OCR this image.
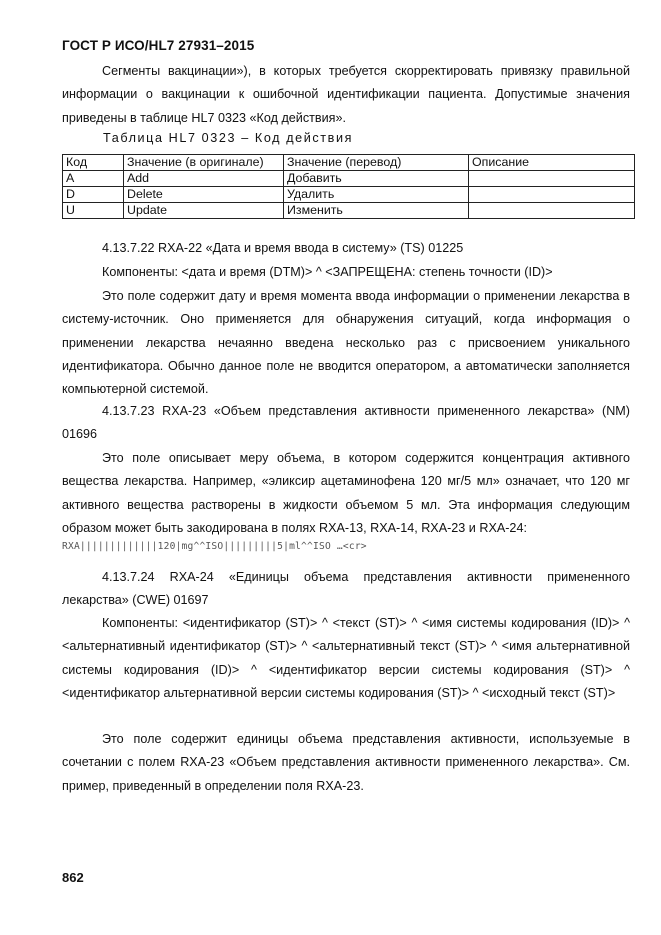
ГОСТ Р ИСО/HL7 27931–2015
Сегменты вакцинации»), в которых требуется скорректировать привязку правильной информации о вакцинации к ошибочной идентификации пациента. Допустимые значения приведены в таблице HL7 0323 «Код действия».
Таблица HL7 0323 – Код действия
Код	Значение (в оригинале)	Значение (перевод)	Описание
A	Add	Добавить	
D	Delete	Удалить	
U	Update	Изменить	
4.13.7.22 RXA-22 «Дата и время ввода в систему» (TS) 01225
Компоненты: <дата и время (DTM)> ^ <ЗАПРЕЩЕНА: степень точности (ID)>
Это поле содержит дату и время момента ввода информации о применении лекарства в систему-источник. Оно применяется для обнаружения ситуаций, когда информация о применении лекарства нечаянно введена несколько раз с присвоением уникального идентификатора. Обычно данное поле не вводится оператором, а автоматически заполняется компьютерной системой.
4.13.7.23 RXA-23 «Объем представления активности примененного лекарства» (NM) 01696
Это поле описывает меру объема, в котором содержится концентрация активного вещества лекарства. Например, «эликсир ацетаминофена 120 мг/5 мл» означает, что 120 мг активного вещества растворены в жидкости объемом 5 мл. Эта информация следующим образом может быть закодирована в полях RXA-13, RXA-14, RXA-23 и RXA-24:
RXA|||||||||||||120|mg^^ISO|||||||||5|ml^^ISO …<cr>
4.13.7.24 RXA-24 «Единицы объема представления активности примененного лекарства» (CWE) 01697
Компоненты: <идентификатор (ST)> ^ <текст (ST)> ^ <имя системы кодирования (ID)> ^ <альтернативный идентификатор (ST)> ^ <альтернативный текст (ST)> ^ <имя альтернативной системы кодирования (ID)> ^ <идентификатор версии системы кодирования (ST)> ^ <идентификатор альтернативной версии системы кодирования (ST)> ^ <исходный текст (ST)>
Это поле содержит единицы объема представления активности, используемые в сочетании с полем RXA-23 «Объем представления активности примененного лекарства». См. пример, приведенный в определении поля RXA-23.
862
